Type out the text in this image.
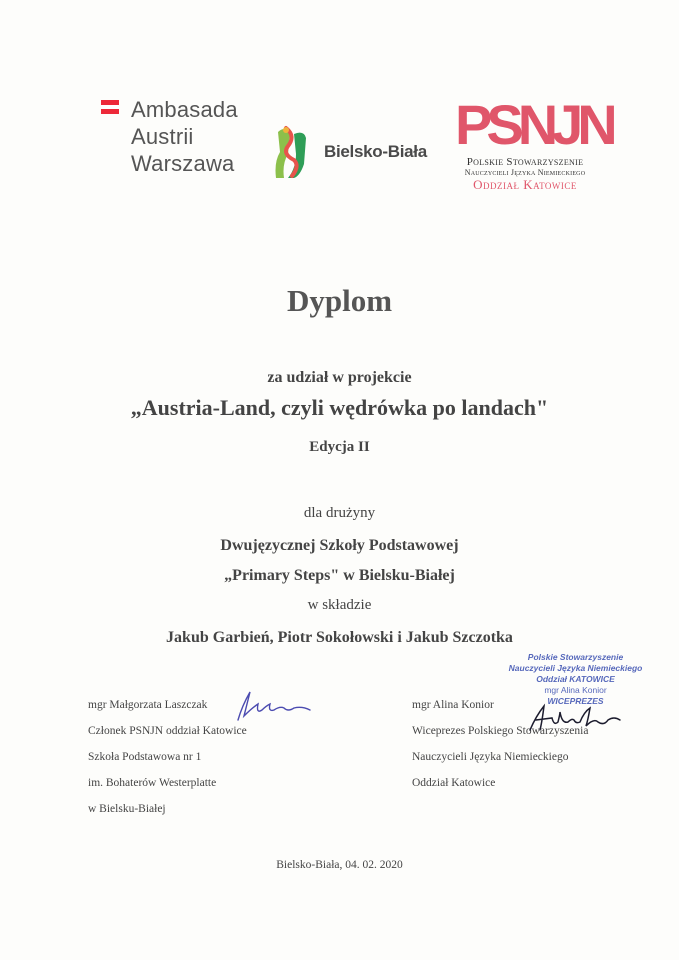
Ambasada
Austrii
Warszawa	Bielsko-Biała PSNJN
Polskie Stowarzyszenie
Nauczycieli Języka Niemieckiego
Oddział Katowice
Dyplom
za udział w projekcie
„Austria-Land, czyli wędrówka po landach"
Edycja II
dla drużyny
Dwujęzycznej Szkoły Podstawowej
„Primary Steps" w Bielsku-Białej
w składzie
Jakub Garbień, Piotr Sokołowski i Jakub Szczotka
mgr Małgorzata Laszczak
Członek PSNJN oddział Katowice
Szkoła Podstawowa nr 1
im. Bohaterów Westerplatte
w Bielsku-Białej
mgr Alina Konior
Wiceprezes Polskiego Stowarzyszenia
Nauczycieli Języka Niemieckiego
Oddział Katowice
Polskie Stowarzyszenie
Nauczycieli Języka Niemieckiego
Oddział KATOWICE
mgr Alina Konior
WICEPREZES
Bielsko-Biała, 04. 02. 2020
